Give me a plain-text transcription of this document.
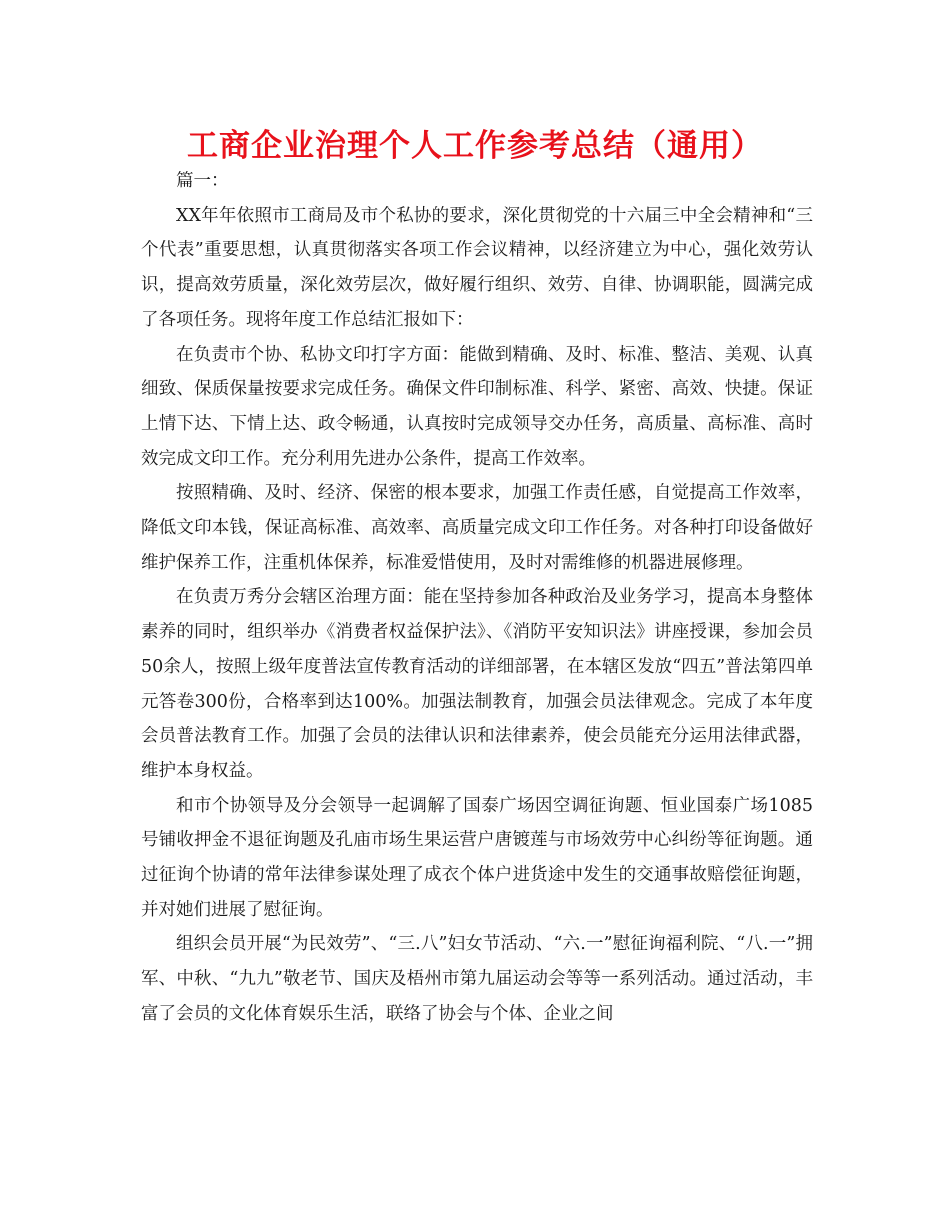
工商企业治理个人工作参考总结（通用）

篇一：

XX年年依照市工商局及市个私协的要求，深化贯彻党的十六届三中全会精神和“三个代表”重要思想，认真贯彻落实各项工作会议精神，以经济建立为中心，强化效劳认识，提高效劳质量，深化效劳层次，做好履行组织、效劳、自律、协调职能，圆满完成了各项任务。现将年度工作总结汇报如下：

在负责市个协、私协文印打字方面：能做到精确、及时、标准、整洁、美观、认真细致、保质保量按要求完成任务。确保文件印制标准、科学、紧密、高效、快捷。保证上情下达、下情上达、政令畅通，认真按时完成领导交办任务，高质量、高标准、高时效完成文印工作。充分利用先进办公条件，提高工作效率。

按照精确、及时、经济、保密的根本要求，加强工作责任感，自觉提高工作效率，降低文印本钱，保证高标准、高效率、高质量完成文印工作任务。对各种打印设备做好维护保养工作，注重机体保养，标准爱惜使用，及时对需维修的机器进展修理。

在负责万秀分会辖区治理方面：能在坚持参加各种政治及业务学习，提高本身整体素养的同时，组织举办《消费者权益保护法》、《消防平安知识法》讲座授课，参加会员50余人，按照上级年度普法宣传教育活动的详细部署，在本辖区发放“四五”普法第四单元答卷300份，合格率到达100%。加强法制教育，加强会员法律观念。完成了本年度会员普法教育工作。加强了会员的法律认识和法律素养，使会员能充分运用法律武器，维护本身权益。

和市个协领导及分会领导一起调解了国泰广场因空调征询题、恒业国泰广场1085号铺收押金不退征询题及孔庙市场生果运营户唐镀莲与市场效劳中心纠纷等征询题。通过征询个协请的常年法律参谋处理了成衣个体户进货途中发生的交通事故赔偿征询题，并对她们进展了慰征询。

组织会员开展“为民效劳”、“三.八”妇女节活动、“六.一”慰征询福利院、“八.一”拥军、中秋、“九九”敬老节、国庆及梧州市第九届运动会等等一系列活动。通过活动，丰富了会员的文化体育娱乐生活，联络了协会与个体、企业之间
